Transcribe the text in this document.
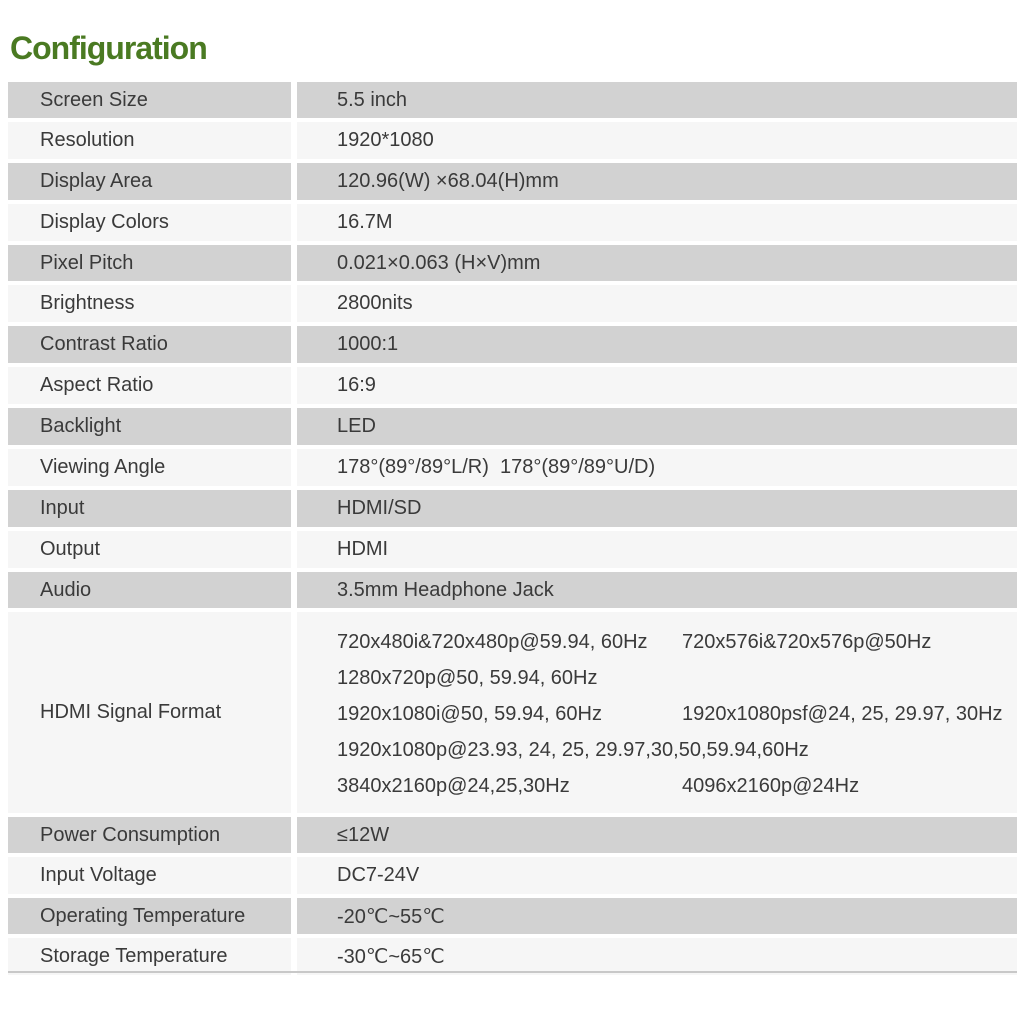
Configuration
Screen Size	5.5 inch
Resolution	1920*1080
Display Area	120.96(W) ×68.04(H)mm
Display Colors	16.7M
Pixel Pitch	0.021×0.063 (H×V)mm
Brightness	2800nits
Contrast Ratio	1000:1
Aspect Ratio	16:9
Backlight	LED
Viewing Angle	178°(89°/89°L/R)  178°(89°/89°U/D)
Input	HDMI/SD
Output	HDMI
Audio	3.5mm Headphone Jack
HDMI Signal Format
720x480i&720x480p@59.94, 60Hz	720x576i&720x576p@50Hz
1280x720p@50, 59.94, 60Hz
1920x1080i@50, 59.94, 60Hz	1920x1080psf@24, 25, 29.97, 30Hz
1920x1080p@23.93, 24, 25, 29.97,30,50,59.94,60Hz
3840x2160p@24,25,30Hz	4096x2160p@24Hz
Power Consumption	≤12W
Input Voltage	DC7-24V
Operating Temperature	-20℃~55℃
Storage Temperature	-30℃~65℃
